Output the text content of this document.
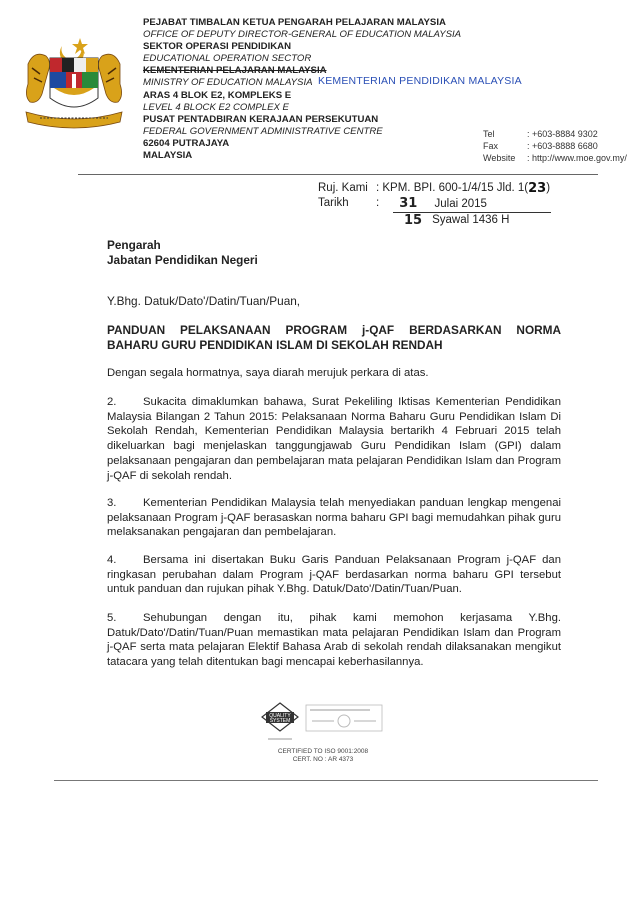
PEJABAT TIMBALAN KETUA PENGARAH PELAJARAN MALAYSIA
OFFICE OF DEPUTY DIRECTOR-GENERAL OF EDUCATION MALAYSIA
SEKTOR OPERASI PENDIDIKAN
EDUCATIONAL OPERATION SECTOR
KEMENTERIAN PELAJARAN MALAYSIA
MINISTRY OF EDUCATION MALAYSIA
ARAS 4 BLOK E2, KOMPLEKS E
LEVEL 4 BLOCK E2 COMPLEX E
PUSAT PENTADBIRAN KERAJAAN PERSEKUTUAN
FEDERAL GOVERNMENT ADMINISTRATIVE CENTRE
62604 PUTRAJAYA
MALAYSIA
KEMENTERIAN PENDIDIKAN MALAYSIA
Tel	: +603-8884 9302
Fax	: +603-8888 6680
Website	: http://www.moe.gov.my/
Ruj. Kami : KPM. BPI. 600-1/4/15 Jld. 1( 23 )
Tarikh	:	31 Julai 2015
15 Syawal 1436 H
Pengarah
Jabatan Pendidikan Negeri
Y.Bhg. Datuk/Dato'/Datin/Tuan/Puan,
PANDUAN PELAKSANAAN PROGRAM j-QAF BERDASARKAN NORMA
BAHARU GURU PENDIDIKAN ISLAM DI SEKOLAH RENDAH
Dengan segala hormatnya, saya diarah merujuk perkara di atas.
2. Sukacita dimaklumkan bahawa, Surat Pekeliling Iktisas Kementerian Pendidikan Malaysia Bilangan 2 Tahun 2015: Pelaksanaan Norma Baharu Guru Pendidikan Islam Di Sekolah Rendah, Kementerian Pendidikan Malaysia bertarikh 4 Februari 2015 telah dikeluarkan bagi menjelaskan tanggungjawab Guru Pendidikan Islam (GPI) dalam pelaksanaan pengajaran dan pembelajaran mata pelajaran Pendidikan Islam dan Program j-QAF di sekolah rendah.
3. Kementerian Pendidikan Malaysia telah menyediakan panduan lengkap mengenai pelaksanaan Program j-QAF berasaskan norma baharu GPI bagi memudahkan pihak guru melaksanakan pengajaran dan pembelajaran.
4. Bersama ini disertakan Buku Garis Panduan Pelaksanaan Program j-QAF dan ringkasan perubahan dalam Program j-QAF berdasarkan norma baharu GPI tersebut untuk panduan dan rujukan pihak Y.Bhg. Datuk/Dato'/Datin/Tuan/Puan.
5. Sehubungan dengan itu, pihak kami memohon kerjasama Y.Bhg. Datuk/Dato'/Datin/Tuan/Puan memastikan mata pelajaran Pendidikan Islam dan Program j-QAF serta mata pelajaran Elektif Bahasa Arab di sekolah rendah dilaksanakan mengikut tatacara yang telah ditentukan bagi mencapai keberhasilannya.
QUALITY
SYSTEM
CERTIFIED TO ISO 9001:2008
CERT. NO : AR 4373
